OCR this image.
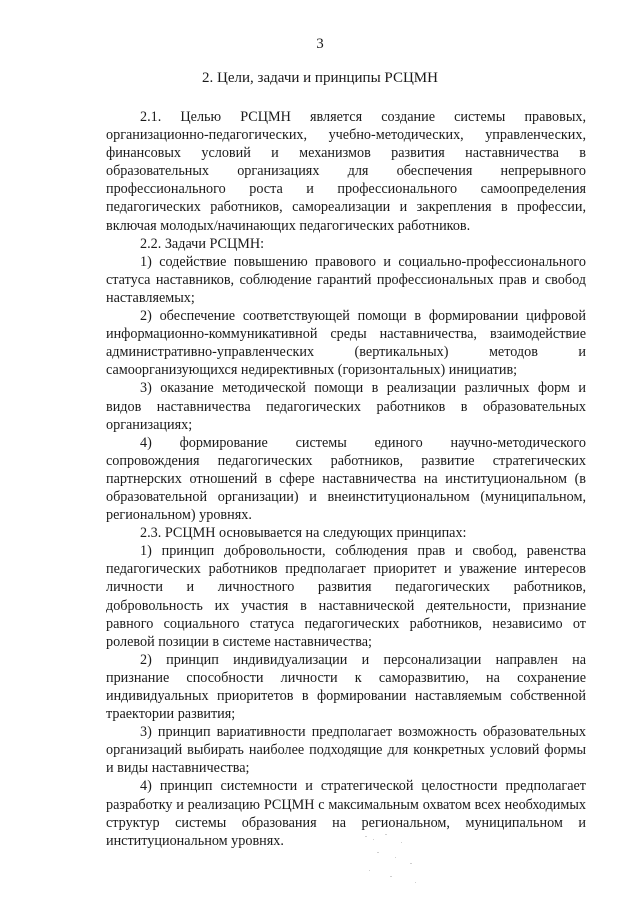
3
2. Цели, задачи и принципы РСЦМН

2.1. Целью РСЦМН является создание системы правовых, организационно-педагогических, учебно-методических, управленческих, финансовых условий и механизмов развития наставничества в образовательных организациях для обеспечения непрерывного профессионального роста и профессионального самоопределения педагогических работников, самореализации и закрепления в профессии, включая молодых/начинающих педагогических работников.

2.2. Задачи РСЦМН:

1) содействие повышению правового и социально-профессионального статуса наставников, соблюдение гарантий профессиональных прав и свобод наставляемых;

2) обеспечение соответствующей помощи в формировании цифровой информационно-коммуникативной среды наставничества, взаимодействие административно-управленческих (вертикальных) методов и самоорганизующихся недирективных (горизонтальных) инициатив;

3) оказание методической помощи в реализации различных форм и видов наставничества педагогических работников в образовательных организациях;

4) формирование системы единого научно-методического сопровождения педагогических работников, развитие стратегических партнерских отношений в сфере наставничества на институциональном (в образовательной организации) и внеинституциональном (муниципальном, региональном) уровнях.

2.3. РСЦМН основывается на следующих принципах:

1) принцип добровольности, соблюдения прав и свобод, равенства педагогических работников предполагает приоритет и уважение интересов личности и личностного развития педагогических работников, добровольность их участия в наставнической деятельности, признание равного социального статуса педагогических работников, независимо от ролевой позиции в системе наставничества;

2) принцип индивидуализации и персонализации направлен на признание способности личности к саморазвитию, на сохранение индивидуальных приоритетов в формировании наставляемым собственной траектории развития;

3) принцип вариативности предполагает возможность образовательных организаций выбирать наиболее подходящие для конкретных условий формы и виды наставничества;

4) принцип системности и стратегической целостности предполагает разработку и реализацию РСЦМН с максимальным охватом всех необходимых структур системы образования на региональном, муниципальном и институциональном уровнях.
